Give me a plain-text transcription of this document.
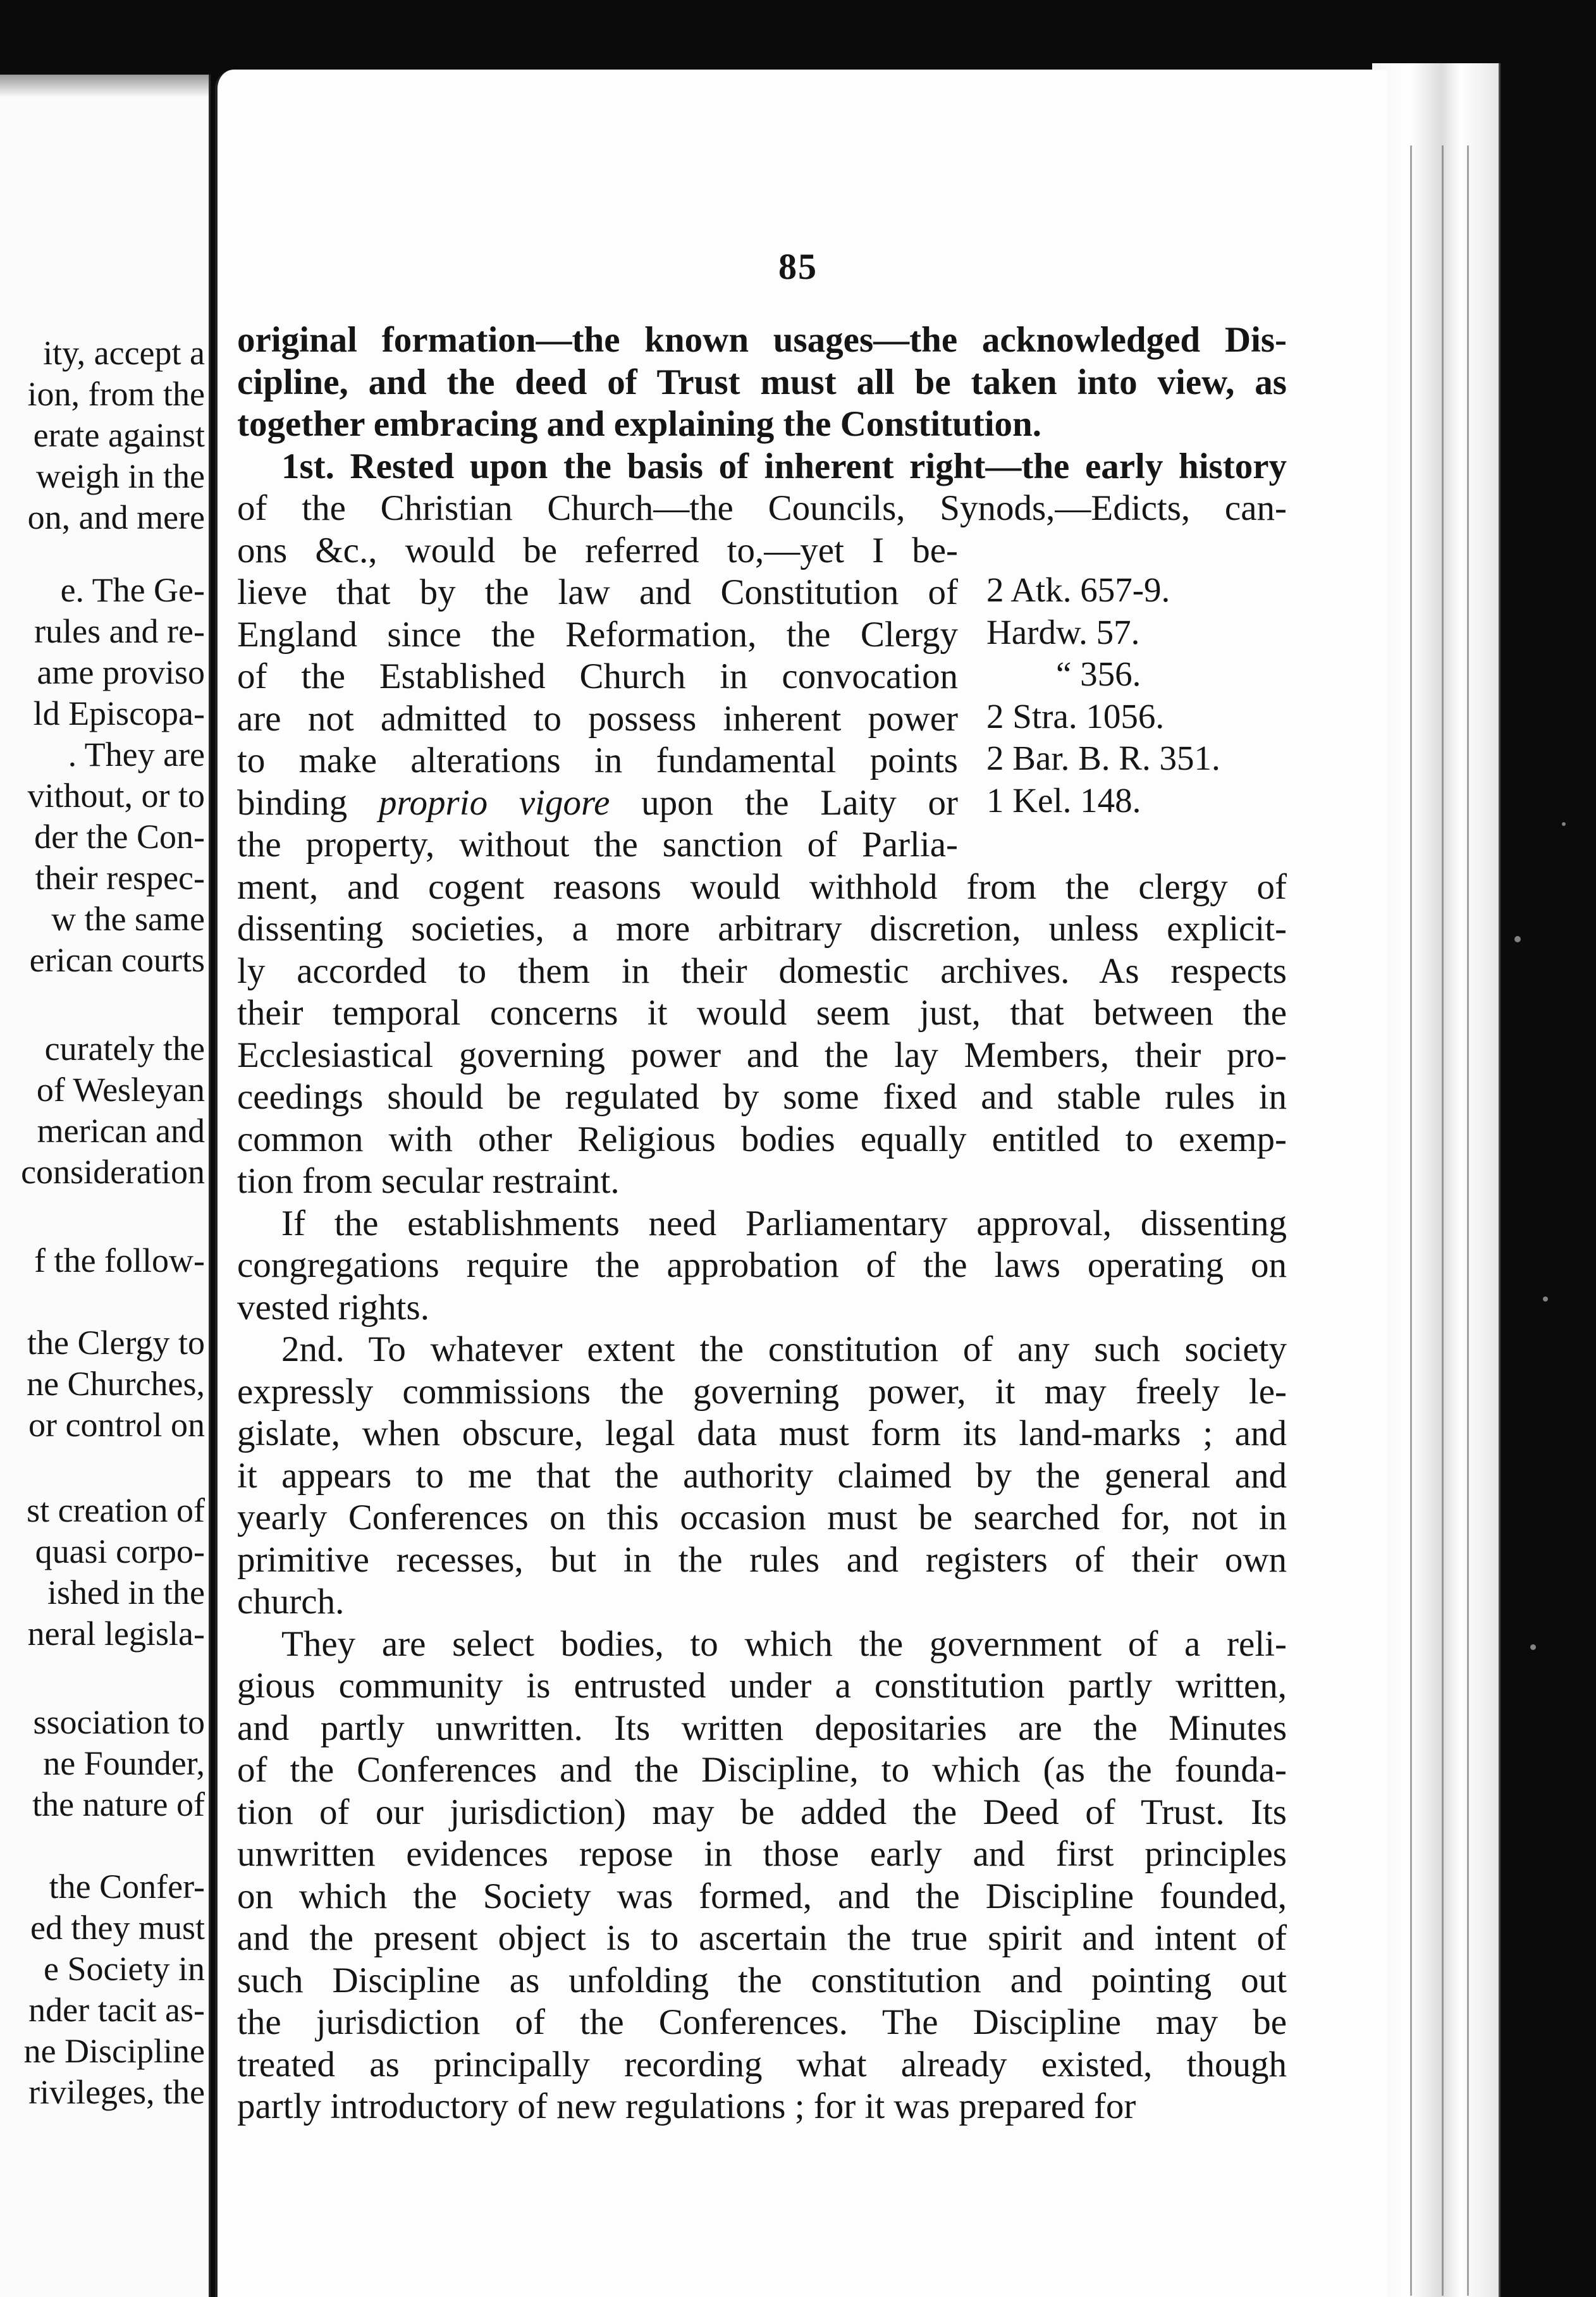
ity, accept a
ion, from the
erate against
weigh in the
on, and mere
e. The Ge-
rules and re-
ame proviso
ld Episcopa-
. They are
vithout, or to
der the Con-
their respec-
w the same
erican courts
curately the
of Wesleyan
merican and
consideration
f the follow-
the Clergy to
ne Churches,
or control on
st creation of
quasi corpo-
ished in the
neral legisla-
ssociation to
ne Founder,
the nature of
the Confer-
ed they must
e Society in
nder tacit as-
ne Discipline
rivileges, the
85
original formation—the known usages—the acknowledged Dis-
cipline, and the deed of Trust must all be taken into view, as
together embracing and explaining the Constitution.
1st. Rested upon the basis of inherent right—the early history
of the Christian Church—the Councils, Synods,—Edicts, can-
ons &c., would be referred to,—yet I be-
lieve that by the law and Constitution of
England since the Reformation, the Clergy
of the Established Church in convocation
are not admitted to possess inherent power
to make alterations in fundamental points
binding proprio vigore upon the Laity or
the property, without the sanction of Parlia-
ment, and cogent reasons would withhold from the clergy of
dissenting societies, a more arbitrary discretion, unless explicit-
ly accorded to them in their domestic archives. As respects
their temporal concerns it would seem just, that between the
Ecclesiastical governing power and the lay Members, their pro-
ceedings should be regulated by some fixed and stable rules in
common with other Religious bodies equally entitled to exemp-
tion from secular restraint.
If the establishments need Parliamentary approval, dissenting
congregations require the approbation of the laws operating on
vested rights.
2nd. To whatever extent the constitution of any such society
expressly commissions the governing power, it may freely le-
gislate, when obscure, legal data must form its land-marks ; and
it appears to me that the authority claimed by the general and
yearly Conferences on this occasion must be searched for, not in
primitive recesses, but in the rules and registers of their own
church.
They are select bodies, to which the government of a reli-
gious community is entrusted under a constitution partly written,
and partly unwritten. Its written depositaries are the Minutes
of the Conferences and the Discipline, to which (as the founda-
tion of our jurisdiction) may be added the Deed of Trust. Its
unwritten evidences repose in those early and first principles
on which the Society was formed, and the Discipline founded,
and the present object is to ascertain the true spirit and intent of
such Discipline as unfolding the constitution and pointing out
the jurisdiction of the Conferences. The Discipline may be
treated as principally recording what already existed, though
partly introductory of new regulations ; for it was prepared for
2 Atk. 657-9.
Hardw. 57.
“ 356.
2 Stra. 1056.
2 Bar. B. R. 351.
1 Kel. 148.
